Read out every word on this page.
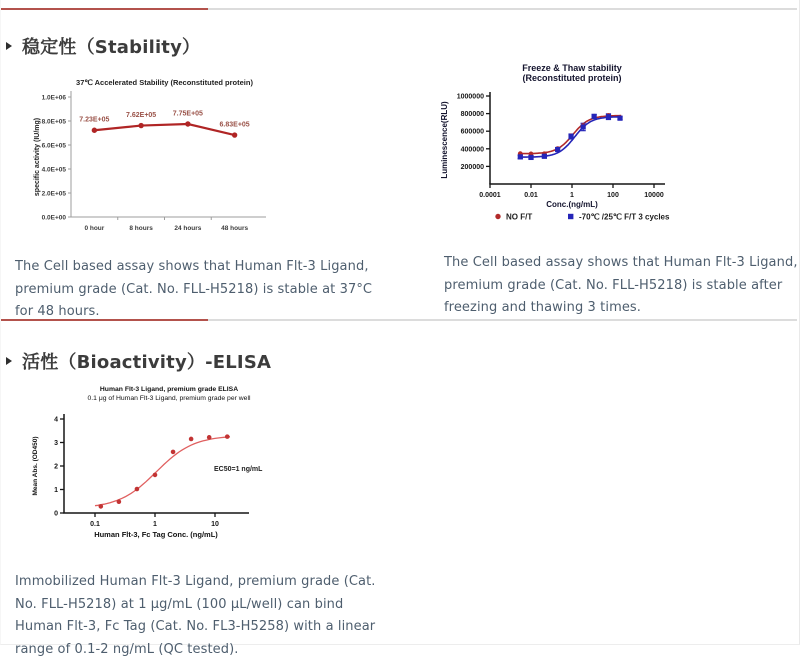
稳定性（Stability）
37℃ Accelerated Stability (Reconstituted protein)
specific activity (IU/mg)
0.0E+00
2.0E+05
4.0E+05
6.0E+05
8.0E+05
1.0E+06
7.23E+05
0 hour
7.62E+05
8 hours
7.75E+05
24 hours
6.83E+05
48 hours
Freeze & Thaw stability
(Reconstituted protein)
Luminescence(RLU) 200000
400000
600000
800000
1000000
0.0001	0.01	1	100	10000
Conc.(ng/mL)
NO F/T	-70℃ /25℃ F/T 3 cycles

The Cell based assay shows that Human Flt-3 Ligand, premium grade (Cat. No. FLL-H5218) is stable at 37°C for 48 hours.

The Cell based assay shows that Human Flt-3 Ligand, premium grade (Cat. No. FLL-H5218) is stable after freezing and thawing 3 times.

活性（Bioactivity）-ELISA
Human Flt-3 Ligand, premium grade ELISA
0.1 μg of Human Flt-3 Ligand, premium grade per well
Mean Abs. (OD450)
0
1
2
3
4
0.1	1	10
Human Flt-3, Fc Tag Conc. (ng/mL)
EC50=1 ng/mL

Immobilized Human Flt-3 Ligand, premium grade (Cat. No. FLL-H5218) at 1 μg/mL (100 μL/well) can bind Human Flt-3, Fc Tag (Cat. No. FL3-H5258) with a linear range of 0.1-2 ng/mL (QC tested).
